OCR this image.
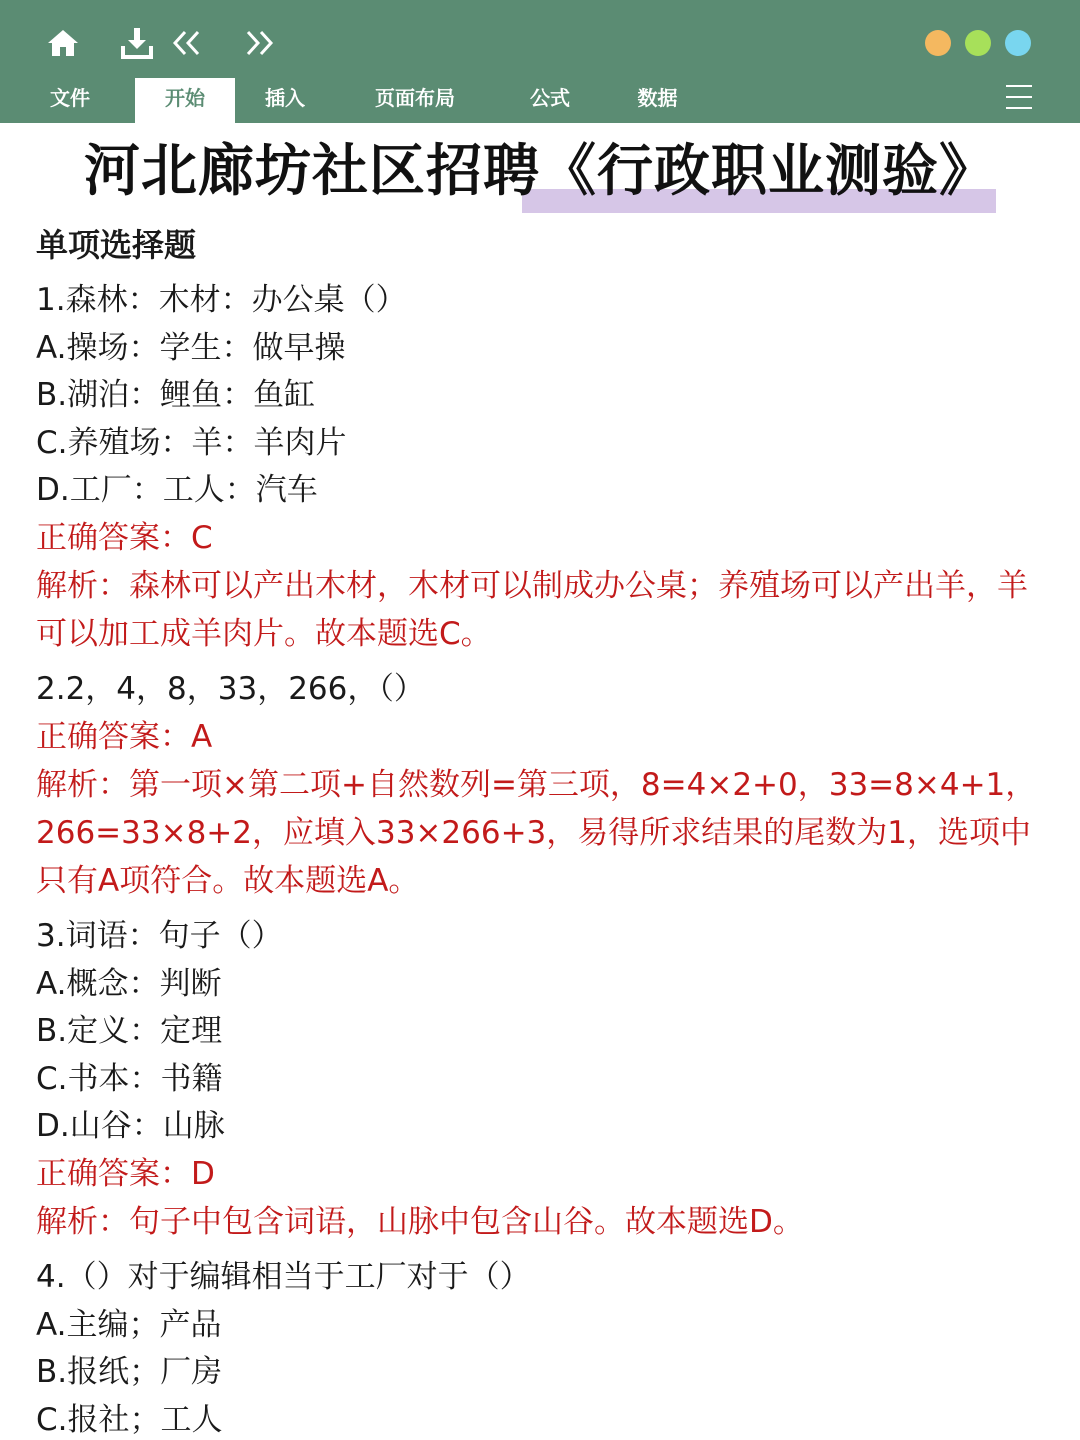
文件	开始	插入	页面布局	公式	数据
河北廊坊社区招聘《行政职业测验》
单项选择题
1.森林：木材：办公桌（）
A.操场：学生：做早操
B.湖泊：鲤鱼：鱼缸
C.养殖场：羊：羊肉片
D.工厂：工人：汽车
正确答案：C
解析：森林可以产出木材，木材可以制成办公桌；养殖场可以产出羊，羊可以加工成羊肉片。故本题选C。
2.2，4，8，33，266，（）
正确答案：A
解析：第一项×第二项+自然数列=第三项，8=4×2+0，33=8×4+1，266=33×8+2，应填入33×266+3，易得所求结果的尾数为1，选项中只有A项符合。故本题选A。
3.词语：句子（）
A.概念：判断
B.定义：定理
C.书本：书籍
D.山谷：山脉
正确答案：D
解析：句子中包含词语，山脉中包含山谷。故本题选D。
4.（）对于编辑相当于工厂对于（）
A.主编；产品
B.报纸；厂房
C.报社；工人
